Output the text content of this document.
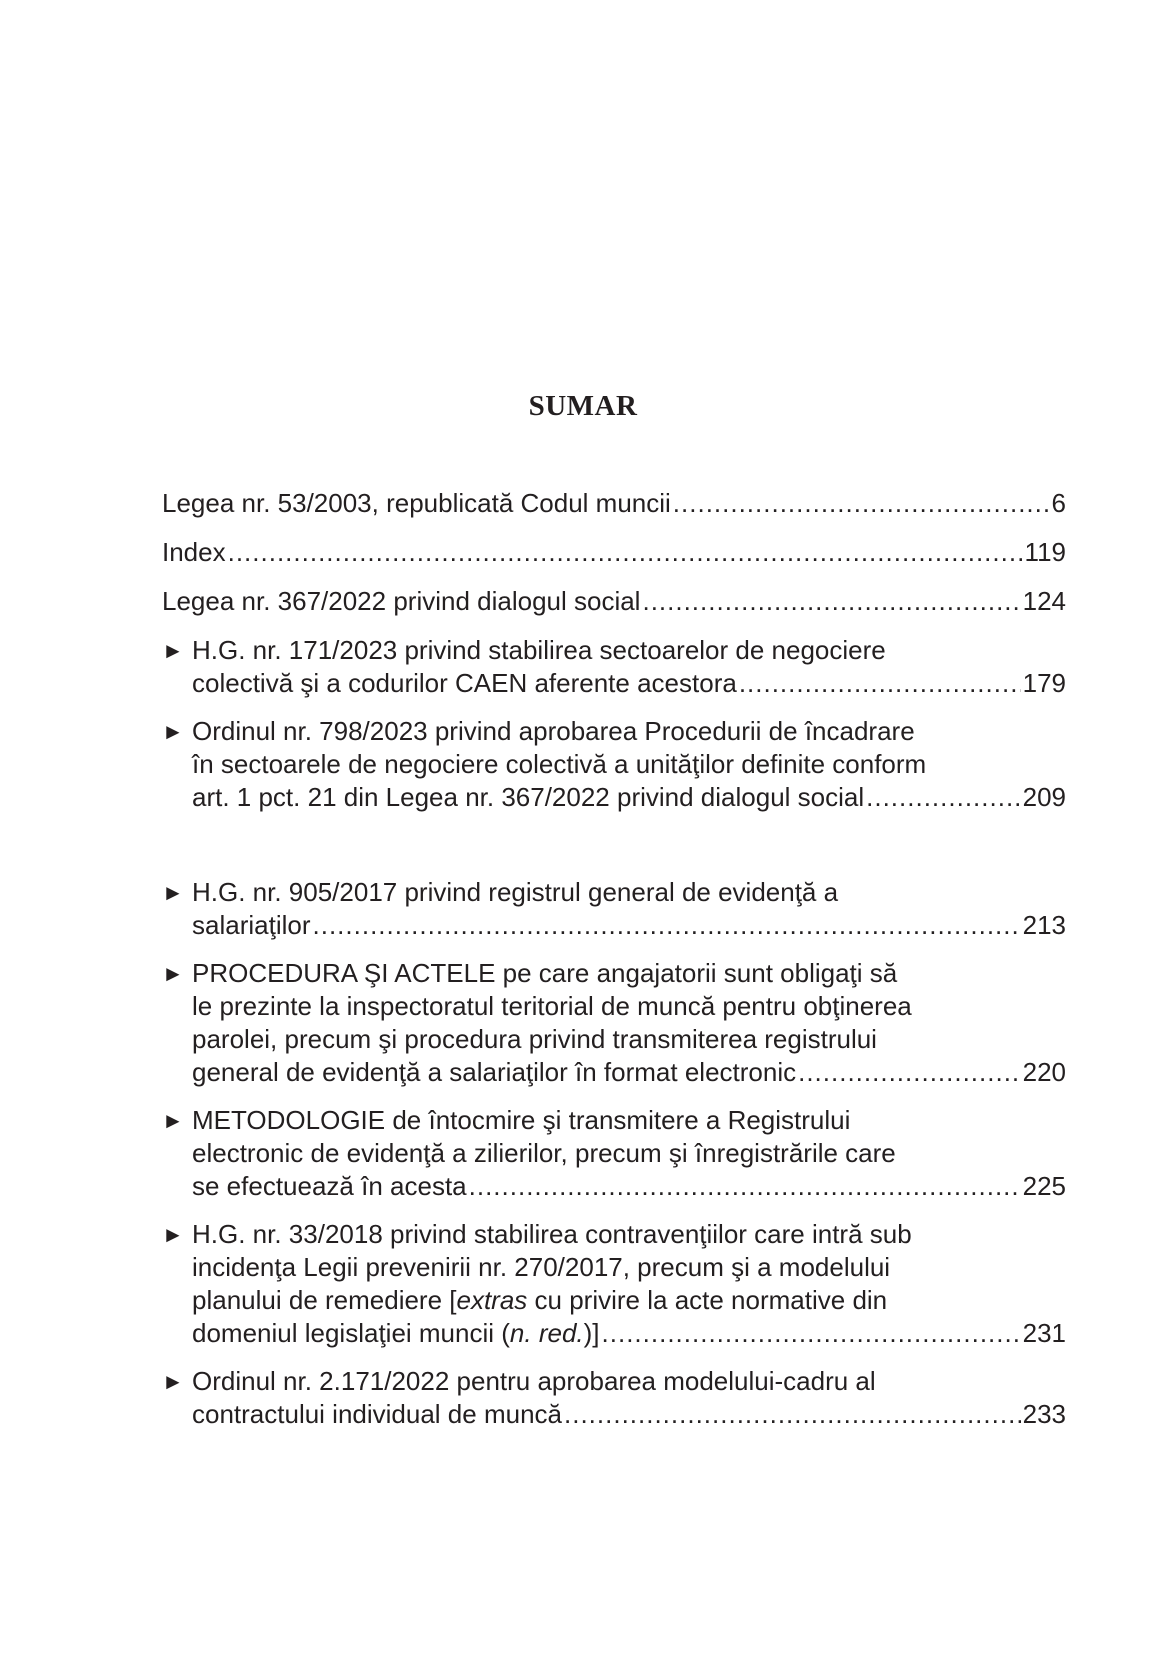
SUMAR
Legea nr. 53/2003, republicată Codul muncii .....	6
Index .....	119
Legea nr. 367/2022 privind dialogul social .....	124
► H.G. nr. 171/2023 privind stabilirea sectoarelor de negociere
colectivă şi a codurilor CAEN aferente acestora .....	179
► Ordinul nr. 798/2023 privind aprobarea Procedurii de încadrare
în sectoarele de negociere colectivă a unităţilor definite conform
art. 1 pct. 21 din Legea nr. 367/2022 privind dialogul social .....	209
► H.G. nr. 905/2017 privind registrul general de evidenţă a
salariaţilor .....	213
► PROCEDURA ŞI ACTELE pe care angajatorii sunt obligaţi să
le prezinte la inspectoratul teritorial de muncă pentru obţinerea
parolei, precum şi procedura privind transmiterea registrului
general de evidenţă a salariaţilor în format electronic .....	220
► METODOLOGIE de întocmire şi transmitere a Registrului
electronic de evidenţă a zilierilor, precum şi înregistrările care
se efectuează în acesta .....	225
► H.G. nr. 33/2018 privind stabilirea contravenţiilor care intră sub
incidenţa Legii prevenirii nr. 270/2017, precum şi a modelului
planului de remediere [extras cu privire la acte normative din
domeniul legislaţiei muncii (n. red.)] .....	231
► Ordinul nr. 2.171/2022 pentru aprobarea modelului-cadru al
contractului individual de muncă .....	233
